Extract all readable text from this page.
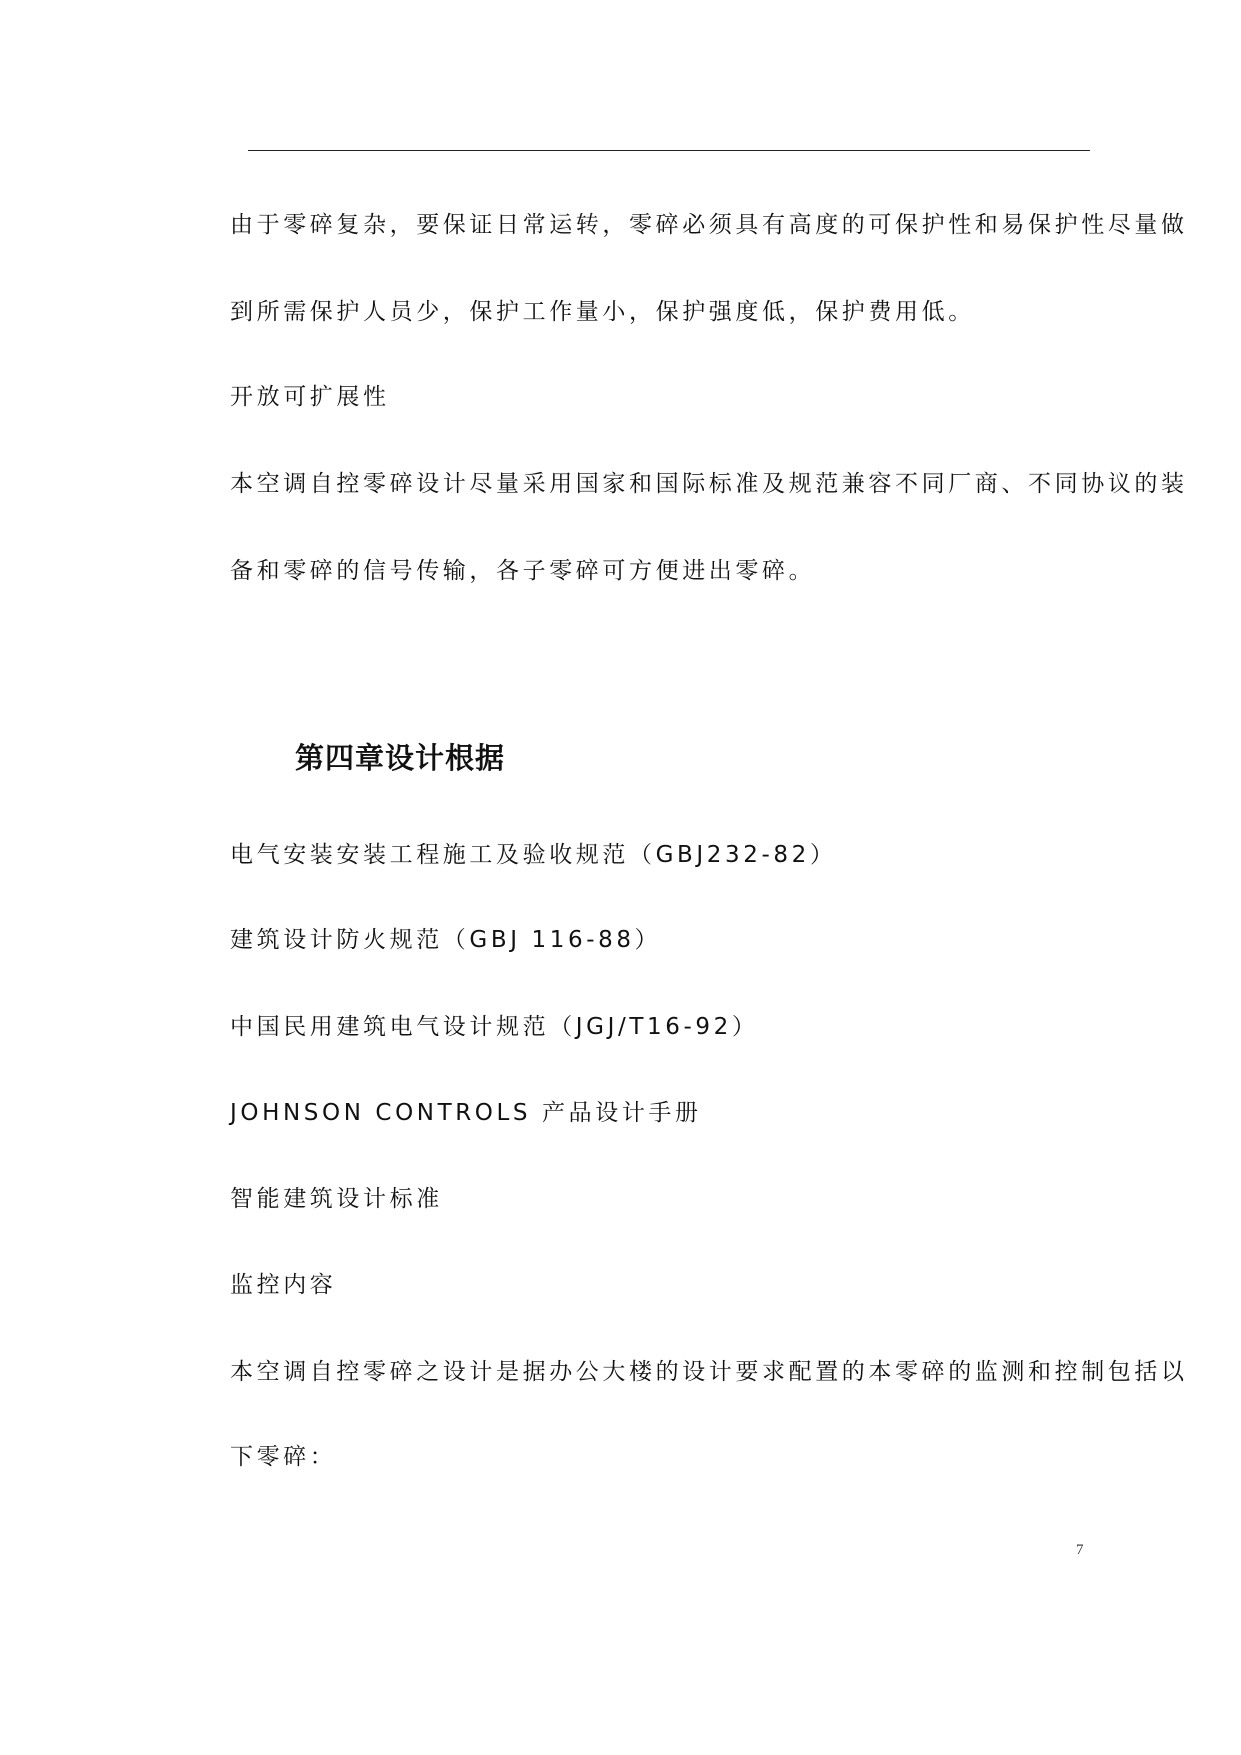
由于零碎复杂，要保证日常运转，零碎必须具有高度的可保护性和易保护性尽量做
到所需保护人员少，保护工作量小，保护强度低，保护费用低。
开放可扩展性
本空调自控零碎设计尽量采用国家和国际标准及规范兼容不同厂商、不同协议的装
备和零碎的信号传输，各子零碎可方便进出零碎。
第四章设计根据
电气安装安装工程施工及验收规范（GBJ232-82）
建筑设计防火规范（GBJ 116-88）
中国民用建筑电气设计规范（JGJ/T16-92）
JOHNSON CONTROLS 产品设计手册
智能建筑设计标准
监控内容
本空调自控零碎之设计是据办公大楼的设计要求配置的本零碎的监测和控制包括以
下零碎：
7
